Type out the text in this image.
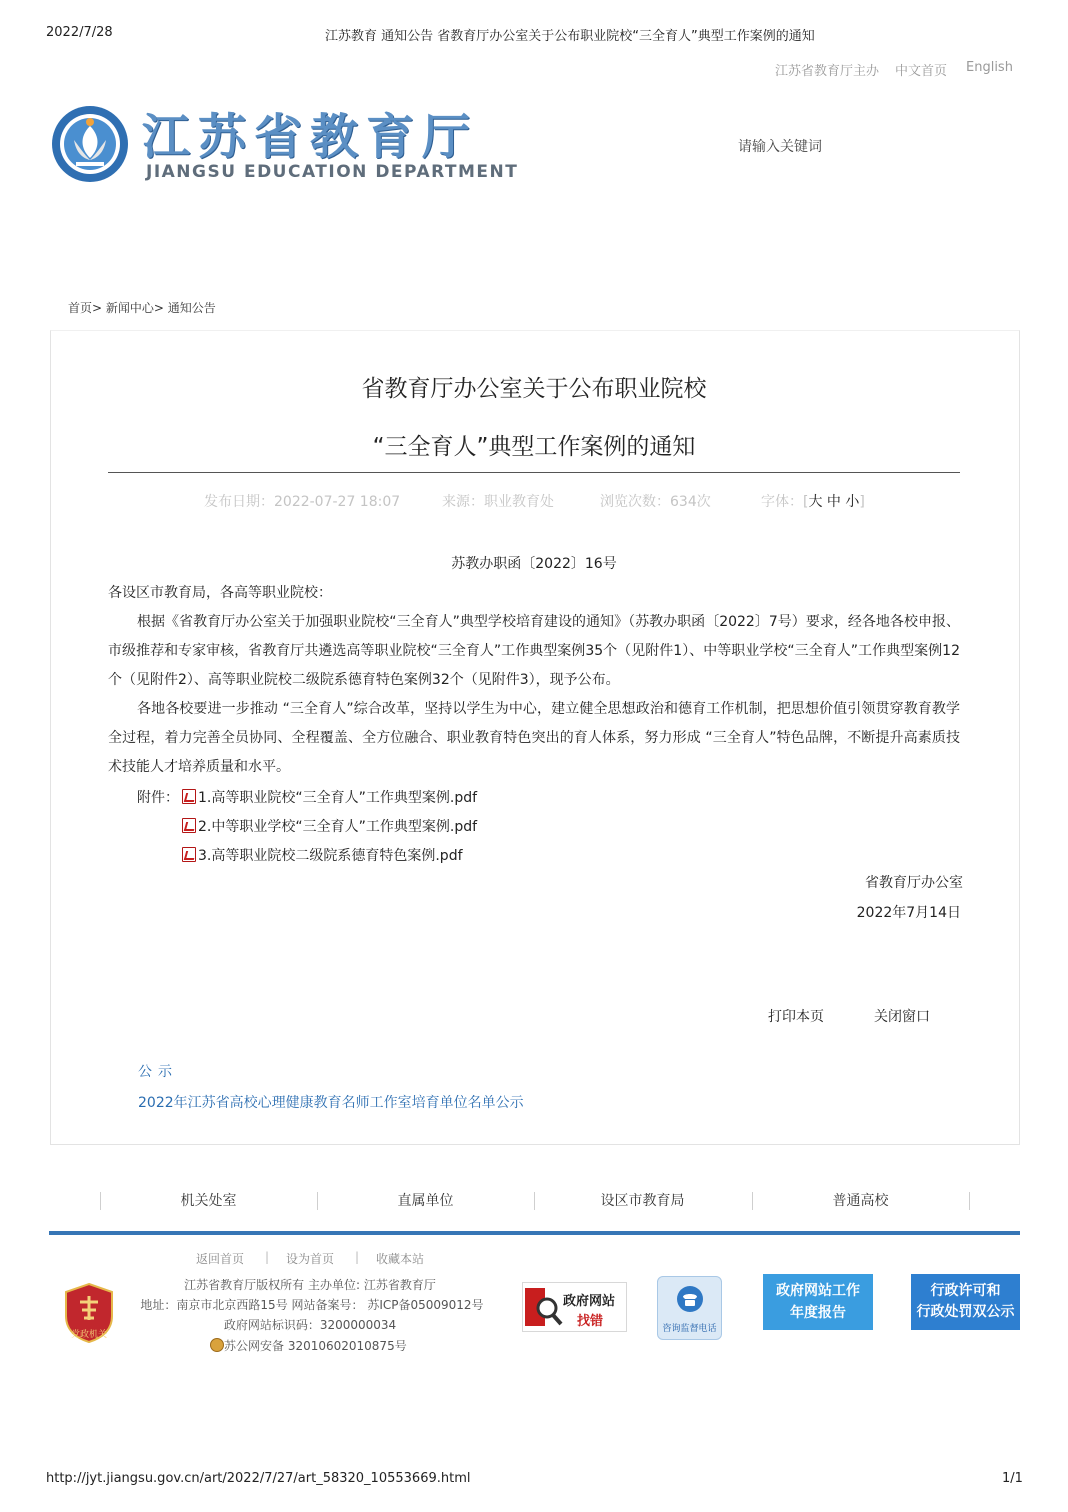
2022/7/28	江苏教育 通知公告 省教育厅办公室关于公布职业院校“三全育人”典型工作案例的通知
江苏省教育厅主办 中文首页 English
江苏省教育厅
JIANGSU EDUCATION DEPARTMENT
请输入关键词
首页> 新闻中心> 通知公告
省教育厅办公室关于公布职业院校
“三全育人”典型工作案例的通知
发布日期：2022-07-27 18:07	来源：职业教育处	浏览次数：634次	字体：[大 中 小]
苏教办职函〔2022〕16号
各设区市教育局，各高等职业院校：
根据《省教育厅办公室关于加强职业院校“三全育人”典型学校培育建设的通知》（苏教办职函〔2022〕7号）要求，经各地各校申报、市级推荐和专家审核，省教育厅共遴选高等职业院校“三全育人”工作典型案例35个（见附件1）、中等职业学校“三全育人”工作典型案例12个（见附件2）、高等职业院校二级院系德育特色案例32个（见附件3），现予公布。
各地各校要进一步推动 “三全育人”综合改革，坚持以学生为中心，建立健全思想政治和德育工作机制，把思想价值引领贯穿教育教学全过程，着力完善全员协同、全程覆盖、全方位融合、职业教育特色突出的育人体系，努力形成 “三全育人”特色品牌，不断提升高素质技术技能人才培养质量和水平。
附件：	1.高等职业院校“三全育人”工作典型案例.pdf
2.中等职业学校“三全育人”工作典型案例.pdf
3.高等职业院校二级院系德育特色案例.pdf
省教育厅办公室
2022年7月14日
打印本页	关闭窗口
公示
2022年江苏省高校心理健康教育名师工作室培育单位名单公示
机关处室	直属单位	设区市教育局	普通高校
返回首页 | 设为首页 | 收藏本站
江苏省教育厅版权所有 主办单位: 江苏省教育厅
地址：南京市北京西路15号 网站备案号： 苏ICP备05009012号
政府网站标识码：3200000034
苏公网安备 32010602010875号
党政机关
政府网站
找错	咨询监督电话
政府网站工作
年度报告
行政许可和
行政处罚双公示
http://jyt.jiangsu.gov.cn/art/2022/7/27/art_58320_10553669.html	1/1
